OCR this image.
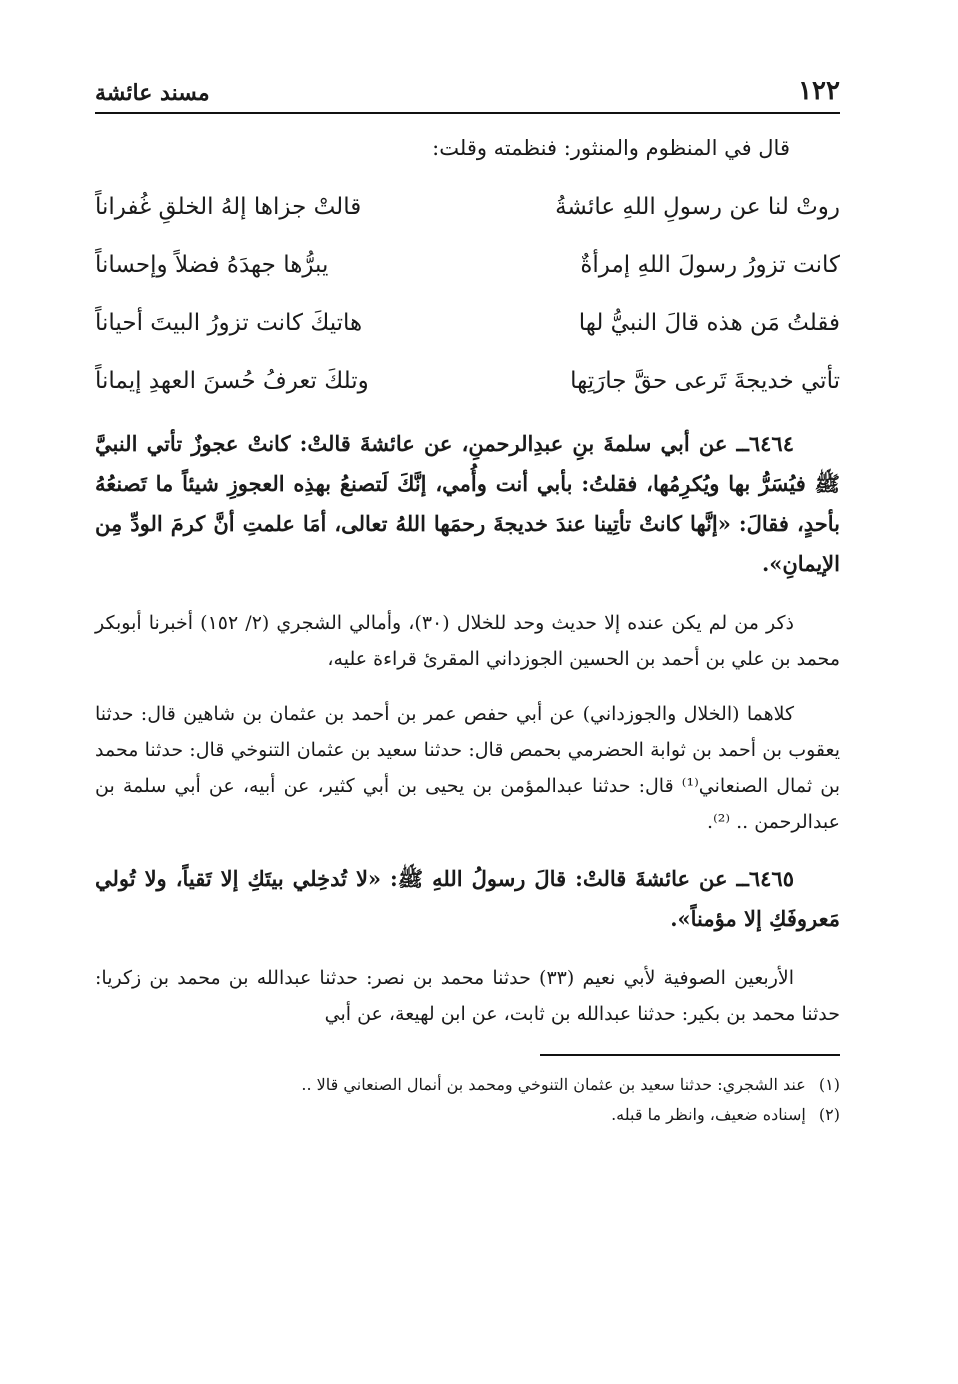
١٢٢
مسند عائشة
قال في المنظوم والمنثور: فنظمته وقلت:
روتْ لنا عن رسولِ اللهِ عائشةُ
قالتْ جزاها إلهُ الخلقِ غُفراناً
كانت تزورُ رسولَ اللهِ إمرأةٌ
يبرُّها جهدَهُ فضلاً وإحساناً
فقلتُ مَن هذه قالَ النبيُّ لها
هاتيكَ كانت تزورُ البيتَ أحياناً
تأتي خديجةَ تَرعى حقَّ جارَتِها
وتلكَ تعرفُ حُسنَ العهدِ إيماناً

٦٤٦٤ــ عن أبي سلمةَ بنِ عبدِالرحمنِ، عن عائشةَ قالتْ: كانتْ عجوزٌ تأتي النبيَّ ﷺ فيُسَرُّ بها ويُكرِمُها، فقلتُ: بأبي أنت وأُمي، إنَّكَ لَتصنعُ بهذِه العجوزِ شيئاً ما تَصنعُهُ بأحدٍ، فقالَ: «إنَّها كانتْ تأتِينا عندَ خديجةَ رحمَها اللهُ تعالى، أمَا علمتِ أنَّ كرمَ الودِّ مِن الإيمانِ».

ذكر من لم يكن عنده إلا حديث وحد للخلال (٣٠)، وأمالي الشجري (٢/ ١٥٢) أخبرنا أبوبكر محمد بن علي بن أحمد بن الحسين الجوزداني المقرئ قراءة عليه،

كلاهما (الخلال والجوزداني) عن أبي حفص عمر بن أحمد بن عثمان بن شاهين قال: حدثنا يعقوب بن أحمد بن ثوابة الحضرمي بحمص قال: حدثنا سعيد بن عثمان التنوخي قال: حدثنا محمد بن ثمال الصنعاني⁽¹⁾ قال: حدثنا عبدالمؤمن بن يحيى بن أبي كثير، عن أبيه، عن أبي سلمة بن عبدالرحمن .. ⁽²⁾.

٦٤٦٥ــ عن عائشةَ قالتْ: قالَ رسولُ اللهِ ﷺ: «لا تُدخِلي بيتَكِ إلا تَقياً، ولا تُولي مَعروفَكِ إلا مؤمناً».

الأربعين الصوفية لأبي نعيم (٣٣) حدثنا محمد بن نصر: حدثنا عبدالله بن محمد بن زكريا: حدثنا محمد بن بكير: حدثنا عبدالله بن ثابت، عن ابن لهيعة، عن أبي

(١) عند الشجري: حدثنا سعيد بن عثمان التنوخي ومحمد بن أنمال الصنعاني قالا ..
(٢) إسناده ضعيف، وانظر ما قبله.
